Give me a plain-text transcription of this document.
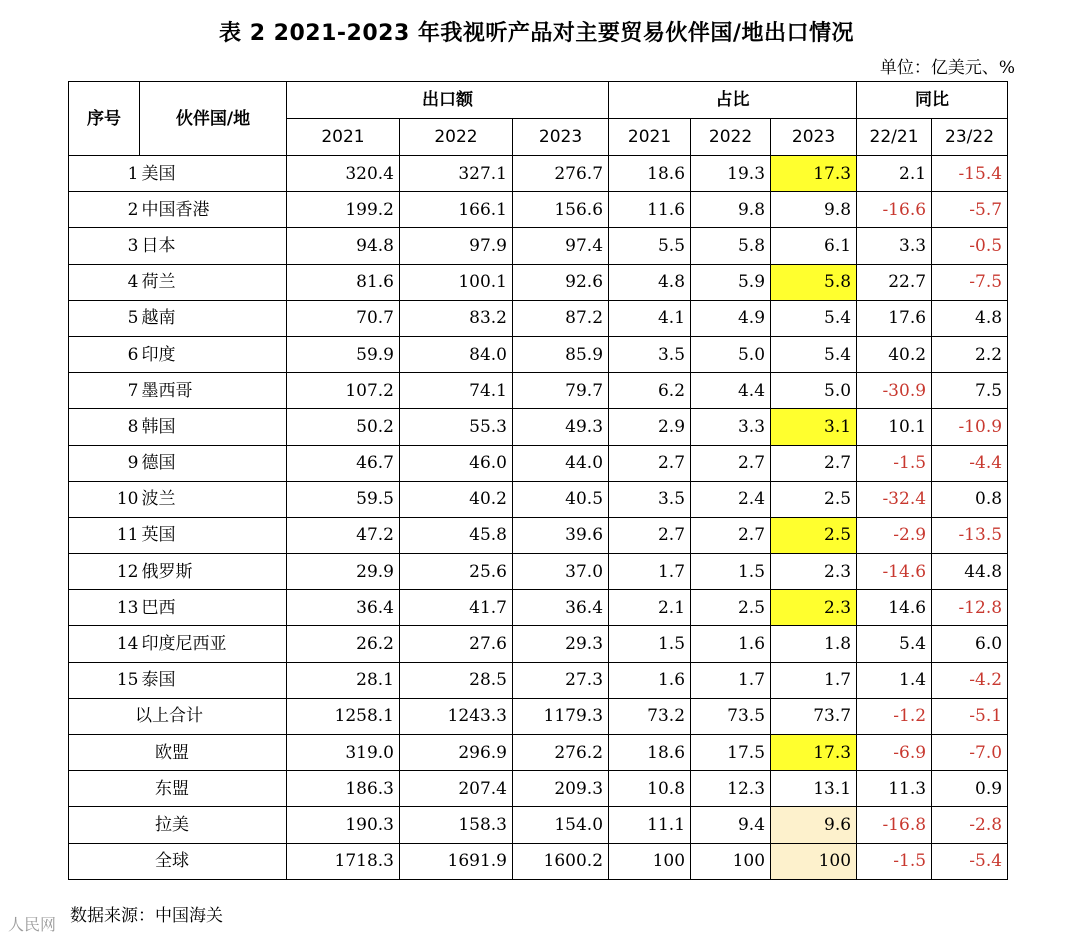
表 2 2021-2023 年我视听产品对主要贸易伙伴国/地出口情况
单位：亿美元、%
序号	伙伴国/地	出口额			占比			同比	
		2021	2022	2023	2021	2022	2023	22/21	23/22
1	美国	320.4	327.1	276.7	18.6	19.3	17.3	2.1	-15.4
2	中国香港	199.2	166.1	156.6	11.6	9.8	9.8	-16.6	-5.7
3	日本	94.8	97.9	97.4	5.5	5.8	6.1	3.3	-0.5
4	荷兰	81.6	100.1	92.6	4.8	5.9	5.8	22.7	-7.5
5	越南	70.7	83.2	87.2	4.1	4.9	5.4	17.6	4.8
6	印度	59.9	84.0	85.9	3.5	5.0	5.4	40.2	2.2
7	墨西哥	107.2	74.1	79.7	6.2	4.4	5.0	-30.9	7.5
8	韩国	50.2	55.3	49.3	2.9	3.3	3.1	10.1	-10.9
9	德国	46.7	46.0	44.0	2.7	2.7	2.7	-1.5	-4.4
10	波兰	59.5	40.2	40.5	3.5	2.4	2.5	-32.4	0.8
11	英国	47.2	45.8	39.6	2.7	2.7	2.5	-2.9	-13.5
12	俄罗斯	29.9	25.6	37.0	1.7	1.5	2.3	-14.6	44.8
13	巴西	36.4	41.7	36.4	2.1	2.5	2.3	14.6	-12.8
14	印度尼西亚	26.2	27.6	29.3	1.5	1.6	1.8	5.4	6.0
15	泰国	28.1	28.5	27.3	1.6	1.7	1.7	1.4	-4.2
以上合计		1258.1	1243.3	1179.3	73.2	73.5	73.7	-1.2	-5.1
欧盟		319.0	296.9	276.2	18.6	17.5	17.3	-6.9	-7.0
东盟		186.3	207.4	209.3	10.8	12.3	13.1	11.3	0.9
拉美		190.3	158.3	154.0	11.1	9.4	9.6	-16.8	-2.8
全球		1718.3	1691.9	1600.2	100	100	100	-1.5	-5.4
数据来源：中国海关
人民网
